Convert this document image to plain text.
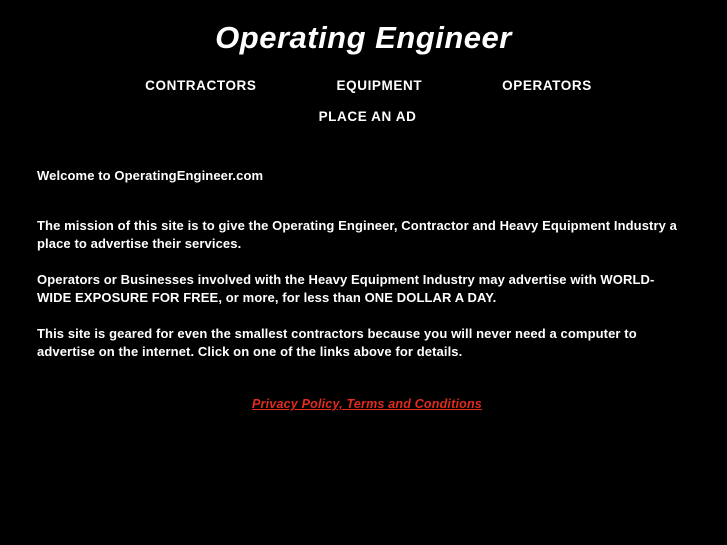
Operating Engineer
CONTRACTORS	EQUIPMENT	OPERATORS
PLACE AN AD

Welcome to OperatingEngineer.com

The mission of this site is to give the Operating Engineer, Contractor and Heavy Equipment Industry a place to advertise their services.

Operators or Businesses involved with the Heavy Equipment Industry may advertise with WORLD-WIDE EXPOSURE FOR FREE, or more, for less than ONE DOLLAR A DAY.

This site is geared for even the smallest contractors because you will never need a computer to advertise on the internet. Click on one of the links above for details.

Privacy Policy, Terms and Conditions
